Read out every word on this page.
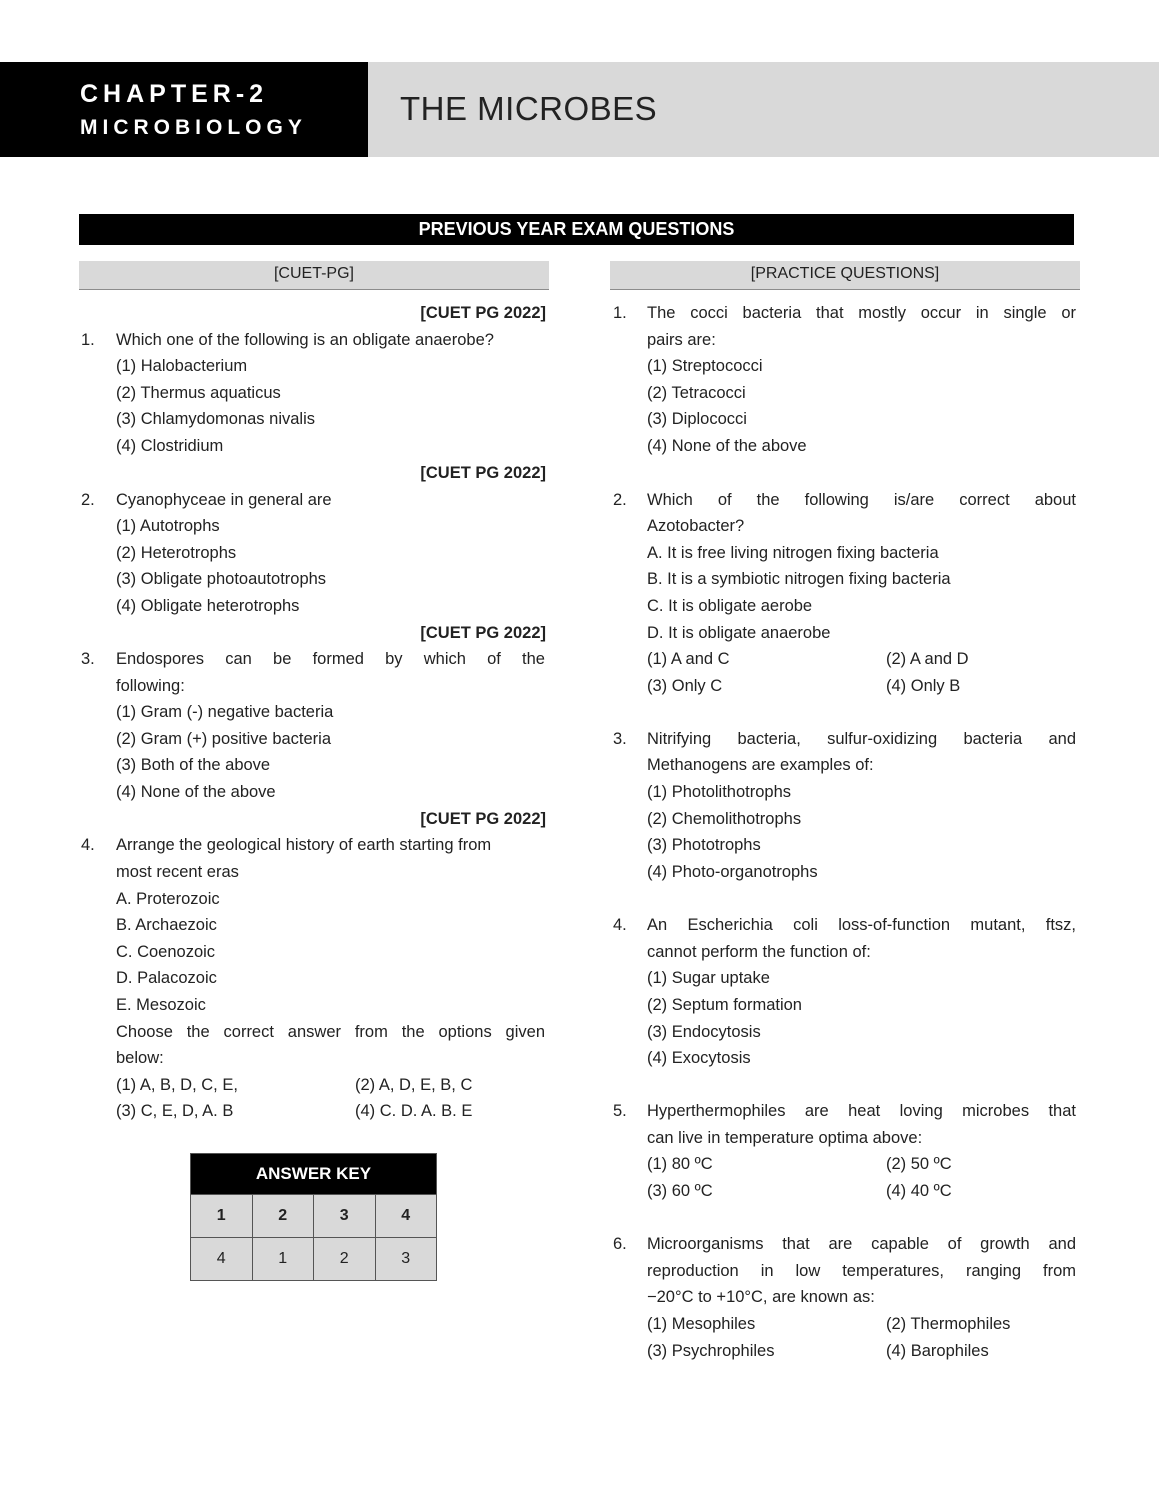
CHAPTER-2
MICROBIOLOGY
THE MICROBES
PREVIOUS YEAR EXAM QUESTIONS
[CUET-PG]
[CUET PG 2022]
1. Which one of the following is an obligate anaerobe?
(1) Halobacterium
(2) Thermus aquaticus
(3) Chlamydomonas nivalis
(4) Clostridium
[CUET PG 2022]
2. Cyanophyceae in general are
(1) Autotrophs
(2) Heterotrophs
(3) Obligate photoautotrophs
(4) Obligate heterotrophs
[CUET PG 2022]
3. Endospores can be formed by which of the
following:
(1) Gram (-) negative bacteria
(2) Gram (+) positive bacteria
(3) Both of the above
(4) None of the above
[CUET PG 2022]
4. Arrange the geological history of earth starting from
most recent eras
A. Proterozoic
B. Archaezoic
C. Coenozoic
D. Palacozoic
E. Mesozoic
Choose the correct answer from the options given
below:
(1) A, B, D, C, E,	(2) A, D, E, B, C
(3) C, E, D, A. B	(4) C. D. A. B. E
ANSWER KEY			
1	2	3	4
4	1	2	3
[PRACTICE QUESTIONS]
1. The cocci bacteria that mostly occur in single or
pairs are:
(1) Streptococci
(2) Tetracocci
(3) Diplococci
(4) None of the above
2. Which of the following is/are correct about
Azotobacter?
A. It is free living nitrogen fixing bacteria
B. It is a symbiotic nitrogen fixing bacteria
C. It is obligate aerobe
D. It is obligate anaerobe
(1) A and C	(2) A and D
(3) Only C	(4) Only B
3. Nitrifying bacteria, sulfur-oxidizing bacteria and
Methanogens are examples of:
(1) Photolithotrophs
(2) Chemolithotrophs
(3) Phototrophs
(4) Photo-organotrophs
4. An Escherichia coli loss-of-function mutant, ftsz,
cannot perform the function of:
(1) Sugar uptake
(2) Septum formation
(3) Endocytosis
(4) Exocytosis
5. Hyperthermophiles are heat loving microbes that
can live in temperature optima above:
(1) 80 ºC	(2) 50 ºC
(3) 60 ºC	(4) 40 ºC
6. Microorganisms that are capable of growth and
reproduction in low temperatures, ranging from
−20°C to +10°C, are known as:
(1) Mesophiles	(2) Thermophiles
(3) Psychrophiles	(4) Barophiles
